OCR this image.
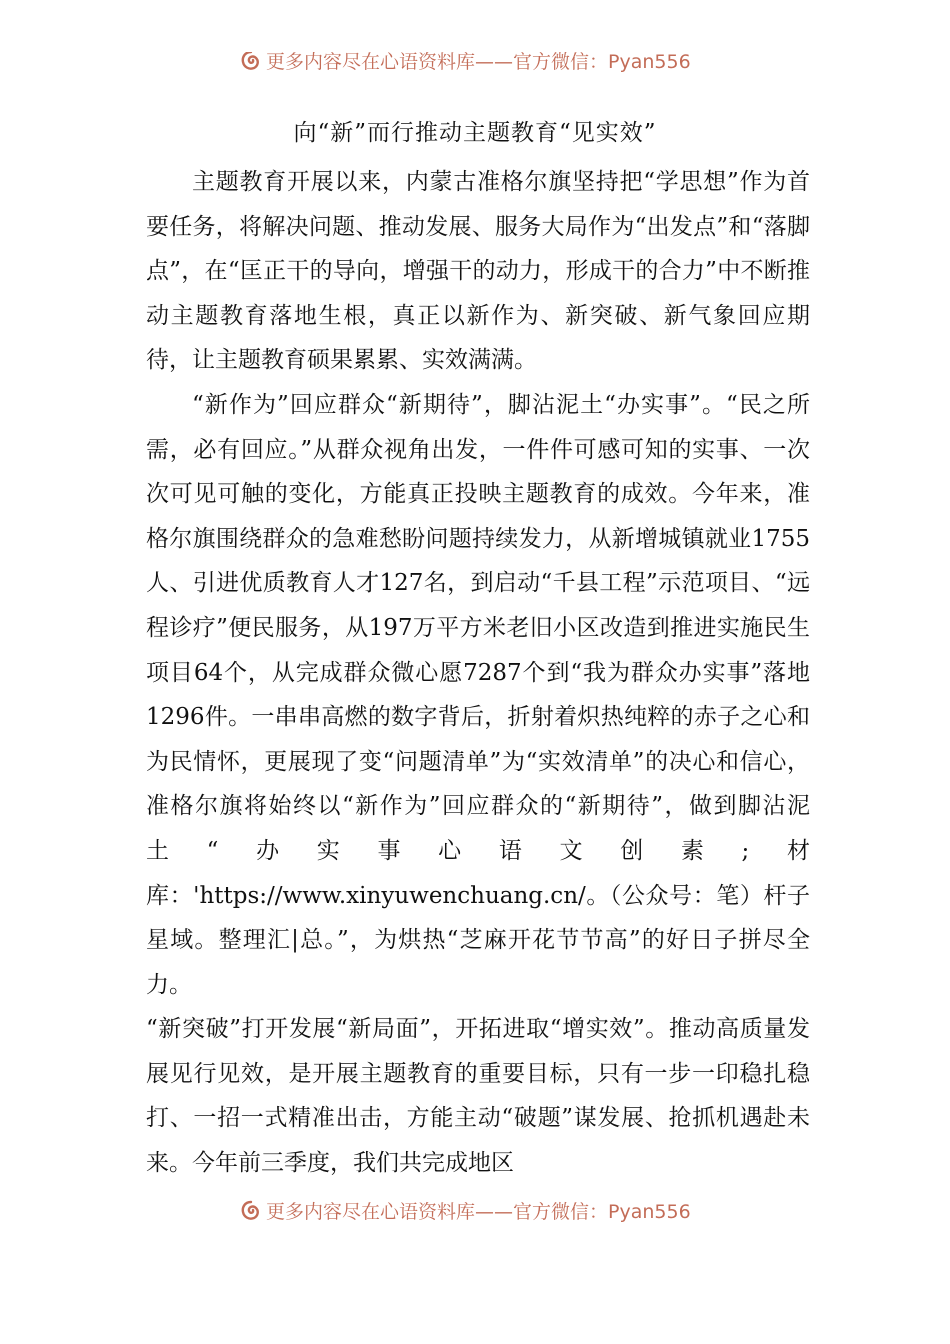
更多内容尽在心语资料库——官方微信：Pyan556
向“新”而行推动主题教育“见实效”

主题教育开展以来，内蒙古准格尔旗坚持把“学思想”作为首要任务，将解决问题、推动发展、服务大局作为“出发点”和“落脚点”，在“匡正干的导向，增强干的动力，形成干的合力”中不断推动主题教育落地生根，真正以新作为、新突破、新气象回应期待，让主题教育硕果累累、实效满满。

“新作为”回应群众“新期待”，脚沾泥土“办实事”。“民之所需，必有回应。”从群众视角出发，一件件可感可知的实事、一次次可见可触的变化，方能真正投映主题教育的成效。今年来，准格尔旗围绕群众的急难愁盼问题持续发力，从新增城镇就业1755人、引进优质教育人才127名，到启动“千县工程”示范项目、“远程诊疗”便民服务，从197万平方米老旧小区改造到推进实施民生项目64个，从完成群众微心愿7287个到“我为群众办实事”落地1296件。一串串高燃的数字背后，折射着炽热纯粹的赤子之心和为民情怀，更展现了变“问题清单”为“实效清单”的决心和信心，准格尔旗将始终以“新作为”回应群众的“新期待”，做到脚沾泥土“办实事心语文创素;材库：'https://www.xinyuwenchuang.cn/。（公众号：笔）杆子星域。整理汇|总。”，为烘热“芝麻开花节节高”的好日子拼尽全力。

“新突破”打开发展“新局面”，开拓进取“增实效”。推动高质量发展见行见效，是开展主题教育的重要目标，只有一步一印稳扎稳打、一招一式精准出击，方能主动“破题”谋发展、抢抓机遇赴未来。今年前三季度，我们共完成地区

更多内容尽在心语资料库——官方微信：Pyan556
